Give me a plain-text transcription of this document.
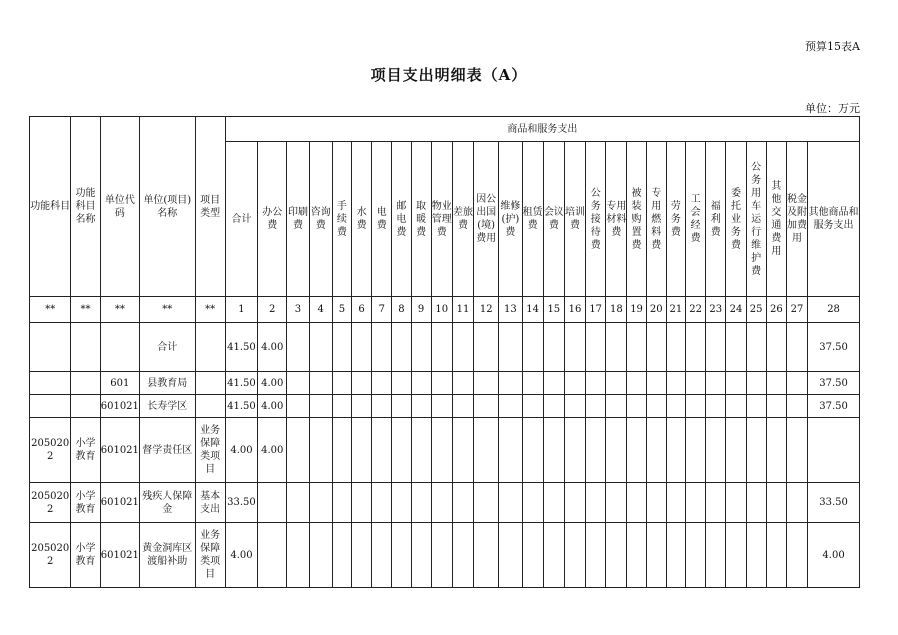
预算15表A
项目支出明细表（A）
单位：万元
功能科目	功能科目名称	单位代码	单位(项目)名称	项目类型	商品和服务支出																											
					合计	办公费	印刷费	咨询费	手续费	水费	电费	邮电费	取暖费	物业管理费	差旅费	因公出国(境)费用	维修(护)费	租赁费	会议费	培训费	公务接待费	专用材料费	被装购置费	专用燃料费	劳务费	工会经费	福利费	委托业务费	公务用车运行维护费	其他交通费用	税金及附加费用	其他商品和服务支出
**	**	**	**	**	1	2	3	4	5	6	7	8	9	10	11	12	13	14	15	16	17	18	19	20	21	22	23	24	25	26	27	28
			合计		41.50	4.00																										37.50
		601	县教育局		41.50	4.00																										37.50
		601021	长寿学区		41.50	4.00																										37.50
2050202	小学教育	601021	督学责任区	业务保障类项目	4.00	4.00																										
2050202	小学教育	601021	残疾人保障金	基本支出	33.50																											33.50
2050202	小学教育	601021	黄金洞库区渡船补助	业务保障类项目	4.00																											4.00
